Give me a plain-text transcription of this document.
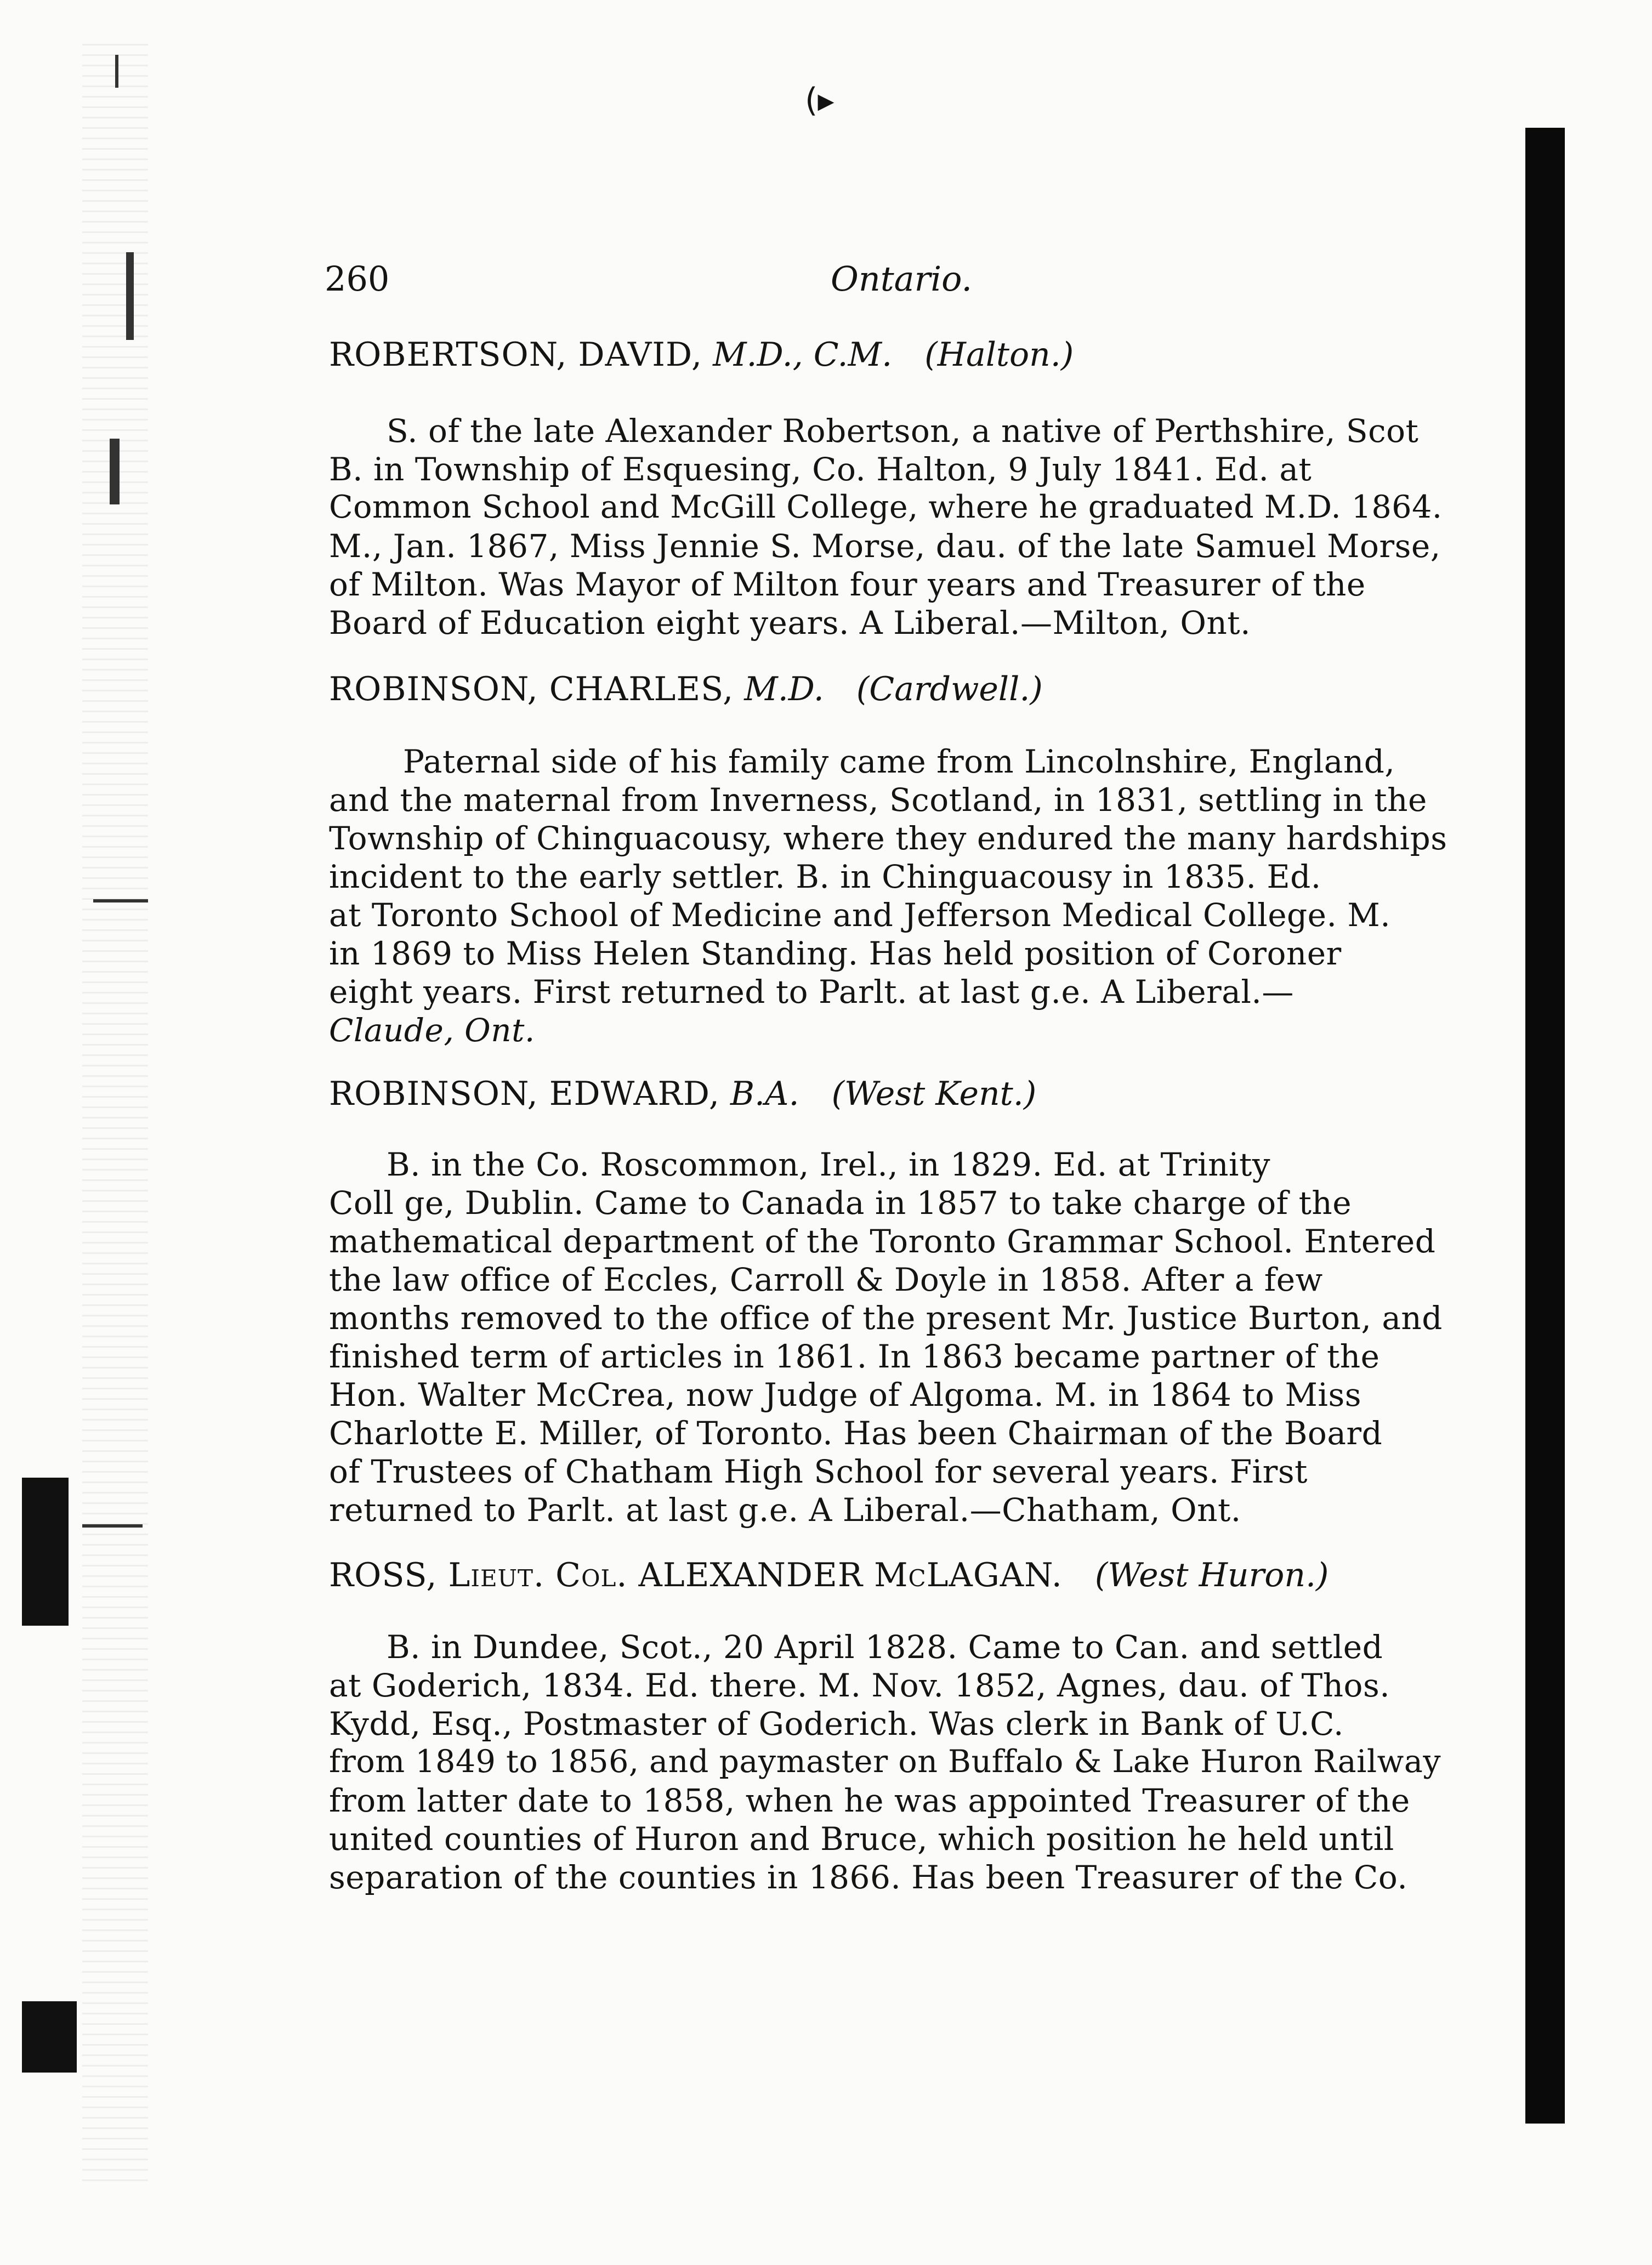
(▸
260	Ontario.
ROBERTSON, DAVID, M.D., C.M. (Halton.)
S. of the late Alexander Robertson, a native of Perthshire, Scot
B. in Township of Esquesing, Co. Halton, 9 July 1841. Ed. at
Common School and McGill College, where he graduated M.D. 1864.
M., Jan. 1867, Miss Jennie S. Morse, dau. of the late Samuel Morse,
of Milton. Was Mayor of Milton four years and Treasurer of the
Board of Education eight years. A Liberal.—Milton, Ont.
ROBINSON, CHARLES, M.D. (Cardwell.)
Paternal side of his family came from Lincolnshire, England,
and the maternal from Inverness, Scotland, in 1831, settling in the
Township of Chinguacousy, where they endured the many hardships
incident to the early settler. B. in Chinguacousy in 1835. Ed.
at Toronto School of Medicine and Jefferson Medical College. M.
in 1869 to Miss Helen Standing. Has held position of Coroner
eight years. First returned to Parlt. at last g.e. A Liberal.—
Claude, Ont.
ROBINSON, EDWARD, B.A. (West Kent.)
B. in the Co. Roscommon, Irel., in 1829. Ed. at Trinity
Coll ge, Dublin. Came to Canada in 1857 to take charge of the
mathematical department of the Toronto Grammar School. Entered
the law office of Eccles, Carroll & Doyle in 1858. After a few
months removed to the office of the present Mr. Justice Burton, and
finished term of articles in 1861. In 1863 became partner of the
Hon. Walter McCrea, now Judge of Algoma. M. in 1864 to Miss
Charlotte E. Miller, of Toronto. Has been Chairman of the Board
of Trustees of Chatham High School for several years. First
returned to Parlt. at last g.e. A Liberal.—Chatham, Ont.
ROSS, Lieut. Col. ALEXANDER McLAGAN. (West Huron.)
B. in Dundee, Scot., 20 April 1828. Came to Can. and settled
at Goderich, 1834. Ed. there. M. Nov. 1852, Agnes, dau. of Thos.
Kydd, Esq., Postmaster of Goderich. Was clerk in Bank of U.C.
from 1849 to 1856, and paymaster on Buffalo & Lake Huron Railway
from latter date to 1858, when he was appointed Treasurer of the
united counties of Huron and Bruce, which position he held until
separation of the counties in 1866. Has been Treasurer of the Co.
